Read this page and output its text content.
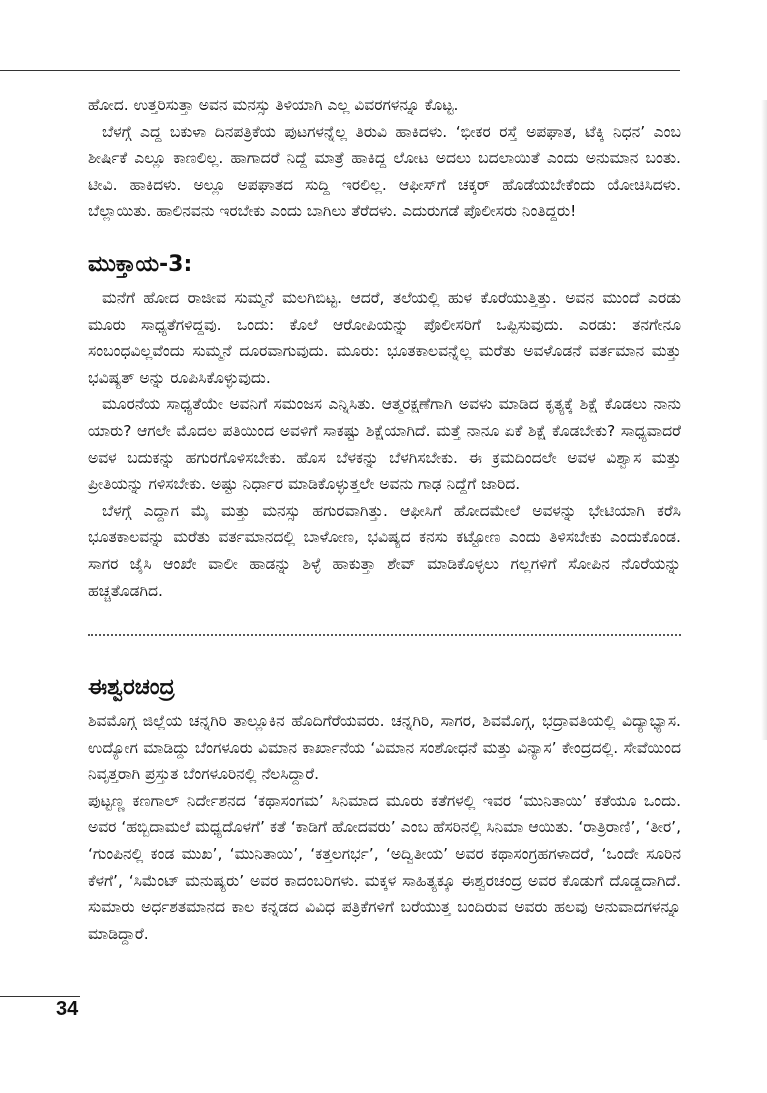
ಹೋದ. ಉತ್ತರಿಸುತ್ತಾ ಅವನ ಮನಸ್ಸು ತಿಳಿಯಾಗಿ ಎಲ್ಲ ವಿವರಗಳನ್ನೂ ಕೊಟ್ಟ.

ಬೆಳಗ್ಗೆ ಎದ್ದ ಬಕುಳಾ ದಿನಪತ್ರಿಕೆಯ ಪುಟಗಳನ್ನೆಲ್ಲ ತಿರುವಿ ಹಾಕಿದಳು. ‘ಭೀಕರ ರಸ್ತೆ ಅಪಘಾತ, ಟೆಕ್ಕಿ ನಿಧನ’ ಎಂಬ ಶೀರ್ಷಿಕೆ ಎಲ್ಲೂ ಕಾಣಲಿಲ್ಲ. ಹಾಗಾದರೆ ನಿದ್ದೆ ಮಾತ್ರೆ ಹಾಕಿದ್ದ ಲೋಟ ಅದಲು ಬದಲಾಯಿತೆ ಎಂದು ಅನುಮಾನ ಬಂತು. ಟೀವಿ. ಹಾಕಿದಳು. ಅಲ್ಲೂ ಅಪಘಾತದ ಸುದ್ದಿ ಇರಲಿಲ್ಲ. ಆಫೀಸ್‌ಗೆ ಚಕ್ಕರ್ ಹೊಡೆಯಬೇಕೆಂದು ಯೋಚಿಸಿದಳು. ಬೆಲ್ಲಾಯಿತು. ಹಾಲಿನವನು ಇರಬೇಕು ಎಂದು ಬಾಗಿಲು ತೆರೆದಳು. ಎದುರುಗಡೆ ಪೊಲೀಸರು ನಿಂತಿದ್ದರು!

ಮುಕ್ತಾಯ-3:

ಮನೆಗೆ ಹೋದ ರಾಜೀವ ಸುಮ್ಮನೆ ಮಲಗಿಬಿಟ್ಟ. ಆದರೆ, ತಲೆಯಲ್ಲಿ ಹುಳ ಕೊರೆಯುತ್ತಿತ್ತು. ಅವನ ಮುಂದೆ ಎರಡು ಮೂರು ಸಾಧ್ಯತೆಗಳಿದ್ದವು. ಒಂದು: ಕೊಲೆ ಆರೋಪಿಯನ್ನು ಪೊಲೀಸರಿಗೆ ಒಪ್ಪಿಸುವುದು. ಎರಡು: ತನಗೇನೂ ಸಂಬಂಧವಿಲ್ಲವೆಂದು ಸುಮ್ಮನೆ ದೂರವಾಗುವುದು. ಮೂರು: ಭೂತಕಾಲವನ್ನೆಲ್ಲ ಮರೆತು ಅವಳೊಡನೆ ವರ್ತಮಾನ ಮತ್ತು ಭವಿಷ್ಯತ್ ಅನ್ನು ರೂಪಿಸಿಕೊಳ್ಳುವುದು.

ಮೂರನೆಯ ಸಾಧ್ಯತೆಯೇ ಅವನಿಗೆ ಸಮಂಜಸ ಎನ್ನಿಸಿತು. ಆತ್ಮರಕ್ಷಣೆಗಾಗಿ ಅವಳು ಮಾಡಿದ ಕೃತ್ಯಕ್ಕೆ ಶಿಕ್ಷೆ ಕೊಡಲು ನಾನು ಯಾರು? ಆಗಲೇ ಮೊದಲ ಪತಿಯಿಂದ ಅವಳಿಗೆ ಸಾಕಷ್ಟು ಶಿಕ್ಷೆಯಾಗಿದೆ. ಮತ್ತೆ ನಾನೂ ಏಕೆ ಶಿಕ್ಷೆ ಕೊಡಬೇಕು? ಸಾಧ್ಯವಾದರೆ ಅವಳ ಬದುಕನ್ನು ಹಗುರಗೊಳಿಸಬೇಕು. ಹೊಸ ಬೆಳಕನ್ನು ಬೆಳಗಿಸಬೇಕು. ಈ ಕ್ರಮದಿಂದಲೇ ಅವಳ ವಿಶ್ವಾಸ ಮತ್ತು ಪ್ರೀತಿಯನ್ನು ಗಳಿಸಬೇಕು. ಅಷ್ಟು ನಿರ್ಧಾರ ಮಾಡಿಕೊಳ್ಳುತ್ತಲೇ ಅವನು ಗಾಢ ನಿದ್ದೆಗೆ ಜಾರಿದ.

ಬೆಳಗ್ಗೆ ಎದ್ದಾಗ ಮೈ ಮತ್ತು ಮನಸ್ಸು ಹಗುರವಾಗಿತ್ತು. ಆಫೀಸಿಗೆ ಹೋದಮೇಲೆ ಅವಳನ್ನು ಭೇಟಿಯಾಗಿ ಕರೆಸಿ ಭೂತಕಾಲವನ್ನು ಮರೆತು ವರ್ತಮಾನದಲ್ಲಿ ಬಾಳೋಣ, ಭವಿಷ್ಯದ ಕನಸು ಕಟ್ಟೋಣ ಎಂದು ತಿಳಿಸಬೇಕು ಎಂದುಕೊಂಡ. ಸಾಗರ ಜೈಸಿ ಆಂಖೇ ವಾಲೀ ಹಾಡನ್ನು ಶಿಳ್ಳೆ ಹಾಕುತ್ತಾ ಶೇವ್ ಮಾಡಿಕೊಳ್ಳಲು ಗಲ್ಲಗಳಿಗೆ ಸೋಪಿನ ನೊರೆಯನ್ನು ಹಚ್ಚತೊಡಗಿದ.

ಈಶ್ವರಚಂದ್ರ

ಶಿವಮೊಗ್ಗ ಜಿಲ್ಲೆಯ ಚನ್ನಗಿರಿ ತಾಲ್ಲೂಕಿನ ಹೊದಿಗೆರೆಯವರು. ಚನ್ನಗಿರಿ, ಸಾಗರ, ಶಿವಮೊಗ್ಗ, ಭದ್ರಾವತಿಯಲ್ಲಿ ವಿದ್ಯಾಭ್ಯಾಸ. ಉದ್ಯೋಗ ಮಾಡಿದ್ದು ಬೆಂಗಳೂರು ವಿಮಾನ ಕಾರ್ಖಾನೆಯ ‘ವಿಮಾನ ಸಂಶೋಧನೆ ಮತ್ತು ವಿನ್ಯಾಸ’ ಕೇಂದ್ರದಲ್ಲಿ. ಸೇವೆಯಿಂದ ನಿವೃತ್ತರಾಗಿ ಪ್ರಸ್ತುತ ಬೆಂಗಳೂರಿನಲ್ಲಿ ನೆಲಸಿದ್ದಾರೆ.

ಪುಟ್ಟಣ್ಣ ಕಣಗಾಲ್ ನಿರ್ದೇಶನದ ‘ಕಥಾಸಂಗಮ’ ಸಿನಿಮಾದ ಮೂರು ಕತೆಗಳಲ್ಲಿ ಇವರ ‘ಮುನಿತಾಯಿ’ ಕತೆಯೂ ಒಂದು. ಅವರ ‘ಹಬ್ಬಿದಾಮಲೆ ಮಧ್ಯದೊಳಗೆ’ ಕತೆ ‘ಕಾಡಿಗೆ ಹೋದವರು’ ಎಂಬ ಹೆಸರಿನಲ್ಲಿ ಸಿನಿಮಾ ಆಯಿತು. ‘ರಾತ್ರಿರಾಣಿ’, ‘ತೀರ’, ‘ಗುಂಪಿನಲ್ಲಿ ಕಂಡ ಮುಖ’, ‘ಮುನಿತಾಯಿ’, ‘ಕತ್ತಲಗರ್ಭ’, ‘ಅದ್ವಿತೀಯ’ ಅವರ ಕಥಾಸಂಗ್ರಹಗಳಾದರೆ, ‘ಒಂದೇ ಸೂರಿನ ಕೆಳಗೆ’, ‘ಸಿಮೆಂಟ್ ಮನುಷ್ಯರು’ ಅವರ ಕಾದಂಬರಿಗಳು. ಮಕ್ಕಳ ಸಾಹಿತ್ಯಕ್ಕೂ ಈಶ್ವರಚಂದ್ರ ಅವರ ಕೊಡುಗೆ ದೊಡ್ಡದಾಗಿದೆ. ಸುಮಾರು ಅರ್ಧಶತಮಾನದ ಕಾಲ ಕನ್ನಡದ ವಿವಿಧ ಪತ್ರಿಕೆಗಳಿಗೆ ಬರೆಯುತ್ತ ಬಂದಿರುವ ಅವರು ಹಲವು ಅನುವಾದಗಳನ್ನೂ ಮಾಡಿದ್ದಾರೆ.

34
